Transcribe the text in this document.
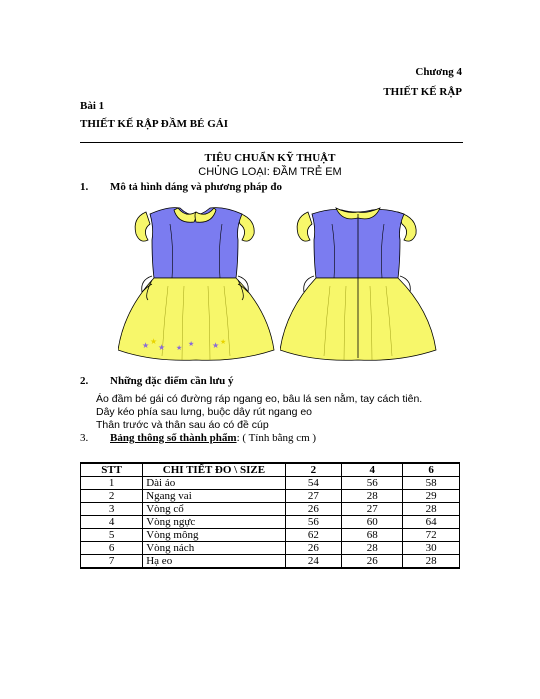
Chương 4
THIẾT KẾ RẬP
Bài 1
THIẾT KẾ RẬP ĐẦM BÉ GÁI
TIÊU CHUẨN KỸ THUẬT
CHỦNG LOẠI: ĐẦM TRẺ EM
1. Mô tả hình dáng và phương pháp đo
★ ★
★ ★ ★ ★ ★
2. Những đặc điểm cần lưu ý
Áo đầm bé gái có đường ráp ngang eo, bâu lá sen nằm, tay cách tiên.
Dây kéo phía sau lưng, buộc dây rút ngang eo
Thân trước và thân sau áo có đề cúp
3. Bảng thông số thành phẩm: ( Tính bằng cm )
STT	CHI TIẾT ĐO \ SIZE	2	4	6
1	Dài áo	54	56	58
2	Ngang vai	27	28	29
3	Vòng cổ	26	27	28
4	Vòng ngực	56	60	64
5	Vòng mông	62	68	72
6	Vòng nách	26	28	30
7	Hạ eo	24	26	28
